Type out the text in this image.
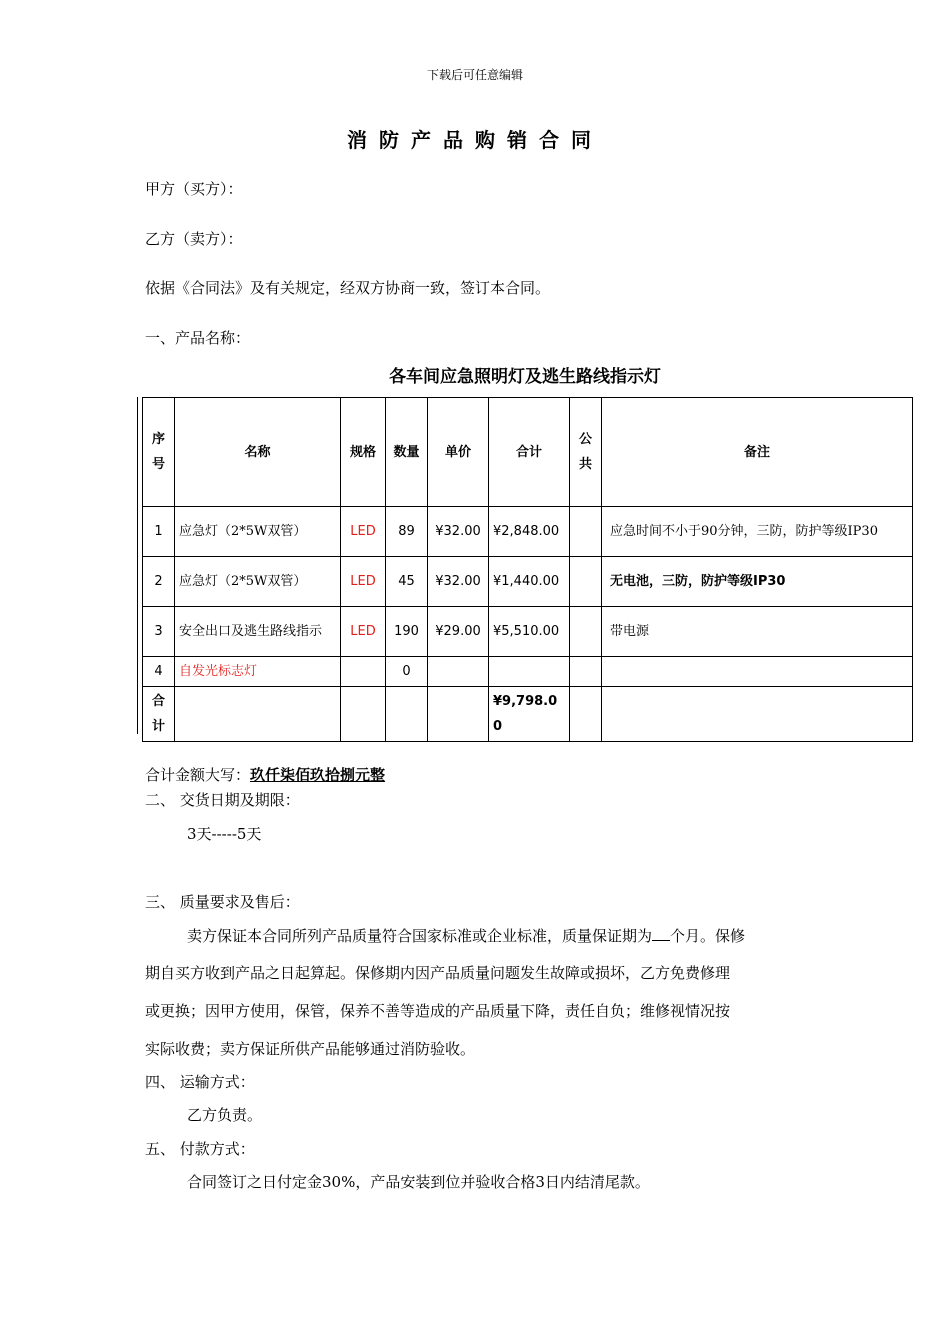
下载后可任意编辑
消防产品购销合同
甲方（买方）：
乙方（卖方）：
依据《合同法》及有关规定，经双方协商一致，签订本合同。
一、产品名称：
各车间应急照明灯及逃生路线指示灯
序号	名称	规格	数量	单价	合计	公共	备注
1	应急灯（2*5W双管）	LED	89	¥32.00	¥2,848.00		应急时间不小于90分钟，三防，防护等级IP30
2	应急灯（2*5W双管）	LED	45	¥32.00	¥1,440.00		无电池，三防，防护等级IP30
3	安全出口及逃生路线指示	LED	190	¥29.00	¥5,510.00		带电源
4	自发光标志灯		0				
合计					¥9,798.00		
合计金额大写：玖仟柒佰玖拾捌元整
二、 交货日期及期限：
3天-----5天
三、 质量要求及售后：
卖方保证本合同所列产品质量符合国家标准或企业标准，质量保证期为 个月。保修
期自买方收到产品之日起算起。保修期内因产品质量问题发生故障或损坏，乙方免费修理
或更换；因甲方使用，保管，保养不善等造成的产品质量下降，责任自负；维修视情况按
实际收费；卖方保证所供产品能够通过消防验收。
四、 运输方式：
乙方负责。
五、 付款方式：
合同签订之日付定金30%，产品安装到位并验收合格3日内结清尾款。
